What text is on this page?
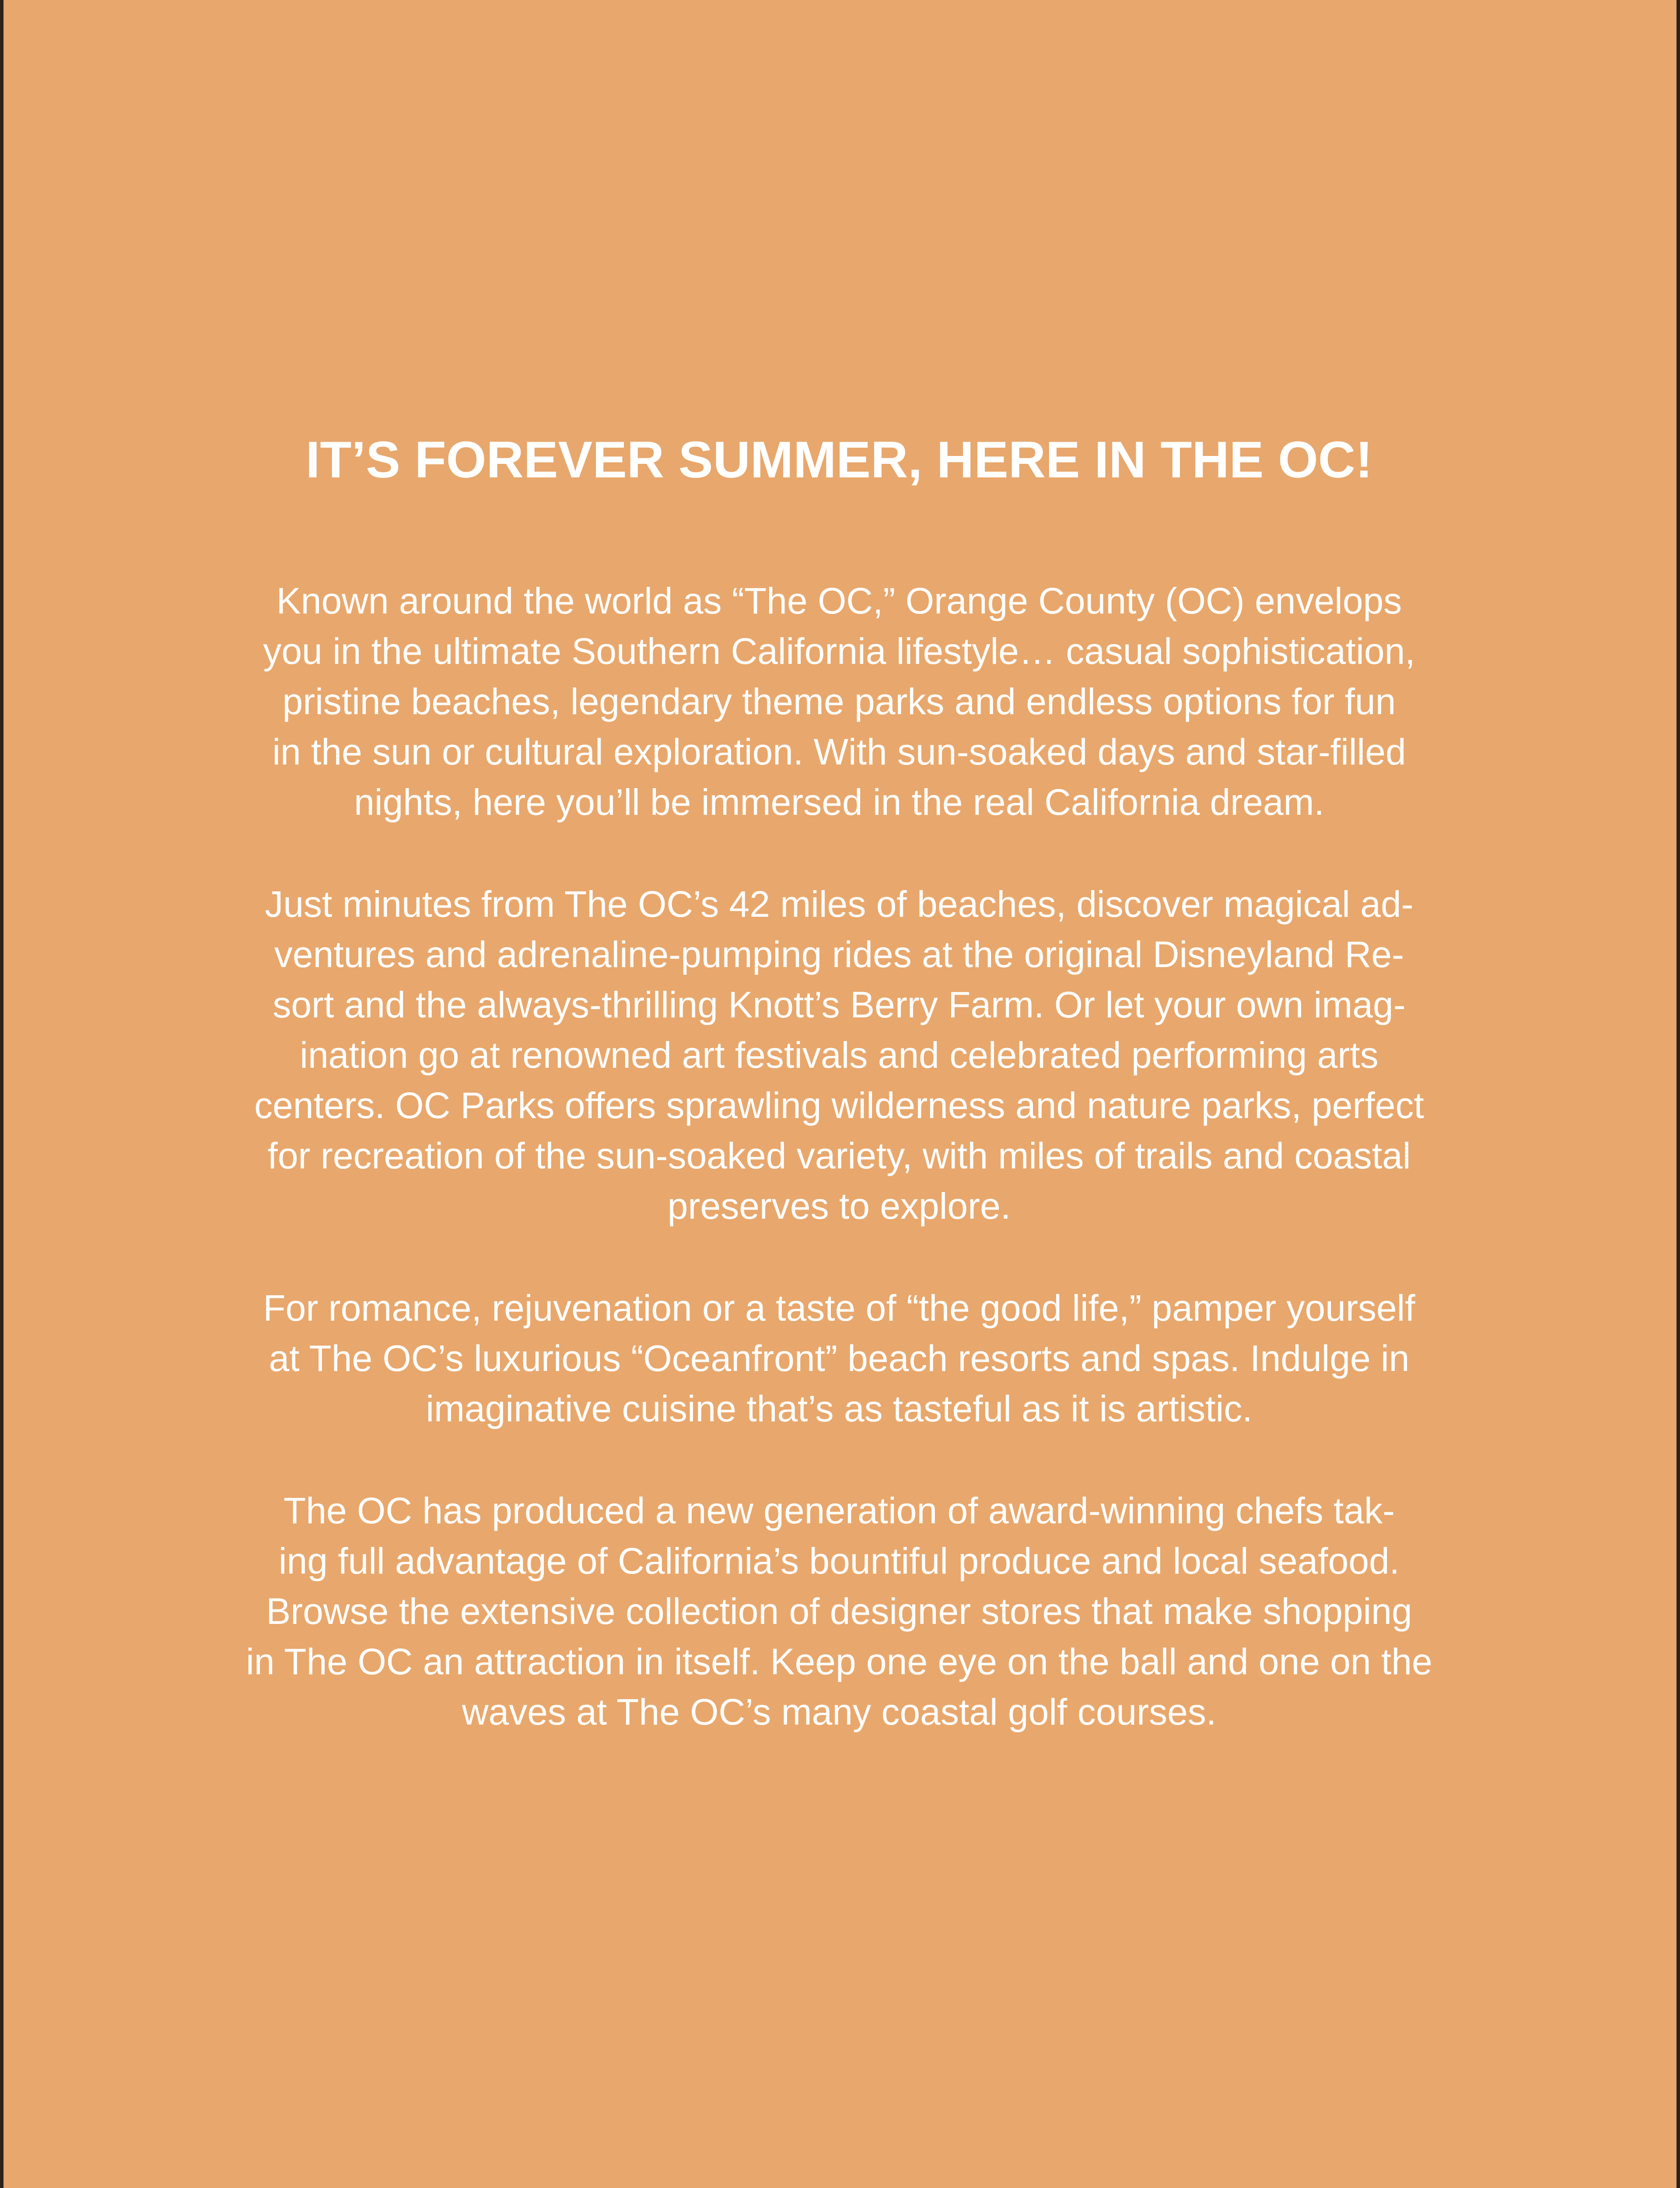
IT’S FOREVER SUMMER, HERE IN THE OC!

Known around the world as “The OC,” Orange County (OC) envelops
you in the ultimate Southern California lifestyle… casual sophistication,
pristine beaches, legendary theme parks and endless options for fun
in the sun or cultural exploration. With sun-soaked days and star-filled
nights, here you’ll be immersed in the real California dream.

Just minutes from The OC’s 42 miles of beaches, discover magical ad-
ventures and adrenaline-pumping rides at the original Disneyland Re-
sort and the always-thrilling Knott’s Berry Farm. Or let your own imag-
ination go at renowned art festivals and celebrated performing arts
centers. OC Parks offers sprawling wilderness and nature parks, perfect
for recreation of the sun-soaked variety, with miles of trails and coastal
preserves to explore.

For romance, rejuvenation or a taste of “the good life,” pamper yourself
at The OC’s luxurious “Oceanfront” beach resorts and spas. Indulge in
imaginative cuisine that’s as tasteful as it is artistic.

The OC has produced a new generation of award-winning chefs tak-
ing full advantage of California’s bountiful produce and local seafood.
Browse the extensive collection of designer stores that make shopping
in The OC an attraction in itself. Keep one eye on the ball and one on the
waves at The OC’s many coastal golf courses.
